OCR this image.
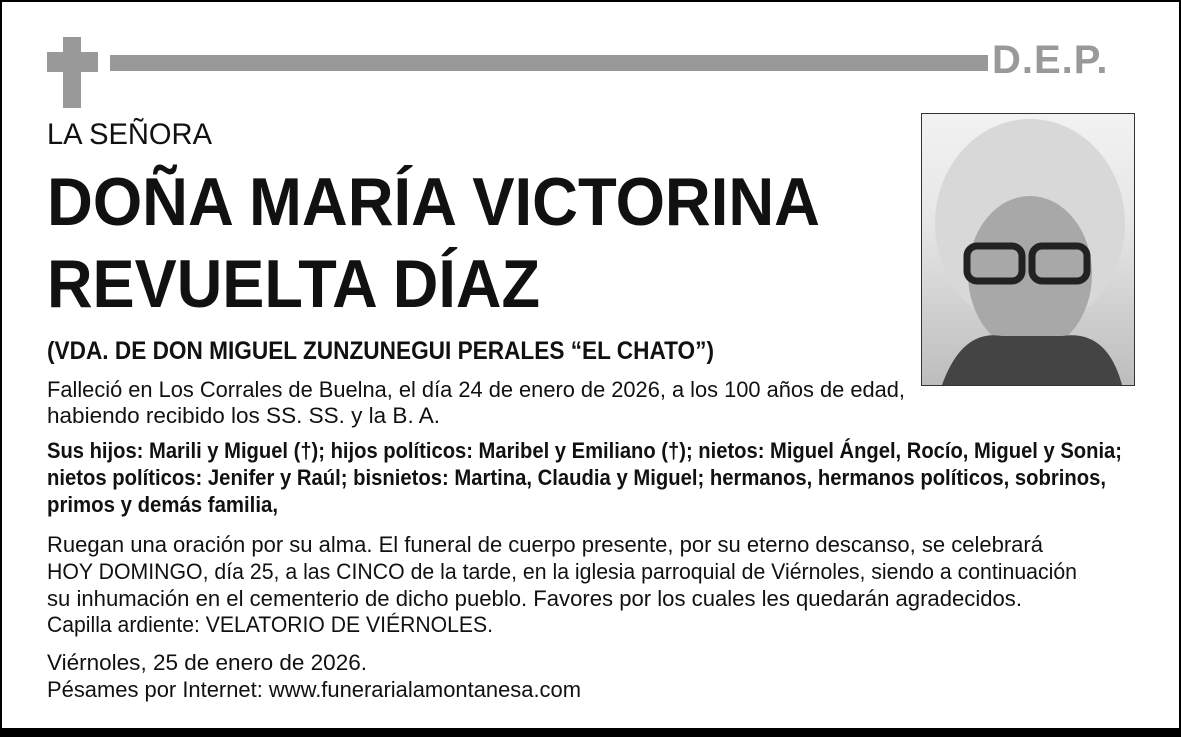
D.E.P.
LA SEÑORA
DOÑA MARÍA VICTORINA
REVUELTA DÍAZ
(VDA. DE DON MIGUEL ZUNZUNEGUI PERALES “EL CHATO”)
Falleció en Los Corrales de Buelna, el día 24 de enero de 2026, a los 100 años de edad,
habiendo recibido los SS. SS. y la B. A.
Sus hijos: Marili y Miguel (†); hijos políticos: Maribel y Emiliano (†); nietos: Miguel Ángel, Rocío, Miguel y Sonia;
nietos políticos: Jenifer y Raúl; bisnietos: Martina, Claudia y Miguel; hermanos, hermanos políticos, sobrinos,
primos y demás familia,
Ruegan una oración por su alma. El funeral de cuerpo presente, por su eterno descanso, se celebrará
HOY DOMINGO, día 25, a las CINCO de la tarde, en la iglesia parroquial de Viérnoles, siendo a continuación
su inhumación en el cementerio de dicho pueblo. Favores por los cuales les quedarán agradecidos.
Capilla ardiente: VELATORIO DE VIÉRNOLES.
Viérnoles, 25 de enero de 2026.
Pésames por Internet: www.funerarialamontanesa.com
